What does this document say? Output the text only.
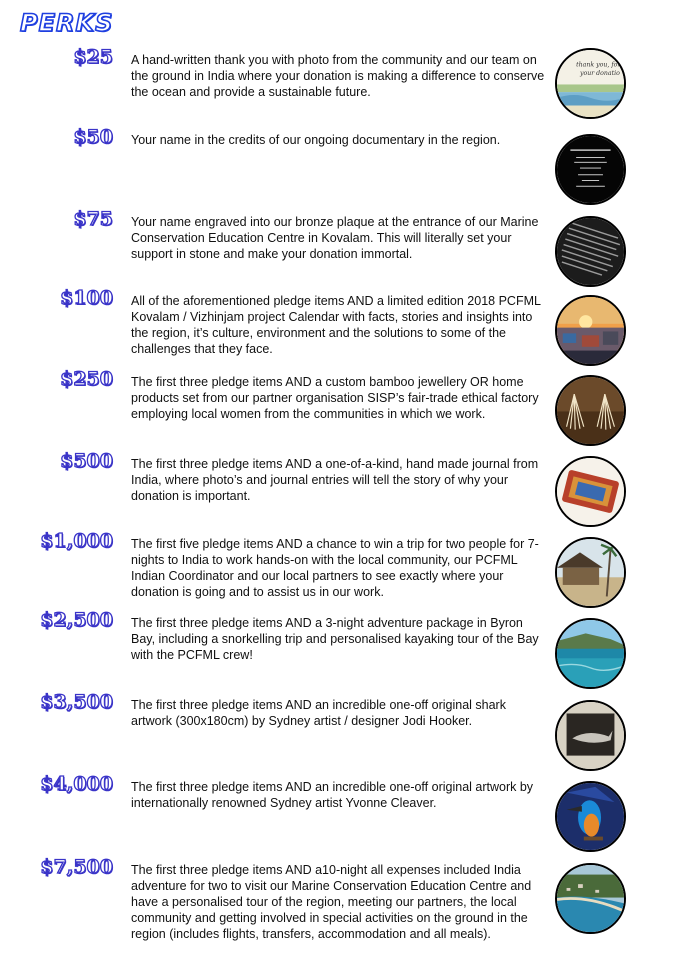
PERKS
$25 A hand-written thank you with photo from the community and our team on the ground in India where your donation is making a difference to conserve the ocean and provide a sustainable future.
thank you, for
your donatio
$50 Your name in the credits of our ongoing documentary in the region.
$75 Your name engraved into our bronze plaque at the entrance of our Marine Conservation Education Centre in Kovalam. This will literally set your support in stone and make your donation immortal.
$100 All of the aforementioned pledge items AND a limited edition 2018 PCFML Kovalam / Vizhinjam project Calendar with facts, stories and insights into the region, it’s culture, environment and the solutions to some of the challenges that they face.
$250 The first three pledge items AND a custom bamboo jewellery OR home products set from our partner organisation SISP’s fair-trade ethical factory employing local women from the communities in which we work.
$500 The first three pledge items AND a one-of-a-kind, hand made journal from India, where photo’s and journal entries will tell the story of why your donation is important.
$1,000 The first five pledge items AND a chance to win a trip for two people for 7-nights to India to work hands-on with the local community, our PCFML Indian Coordinator and our local partners to see exactly where your donation is going and to assist us in our work.
$2,500 The first three pledge items AND a 3-night adventure package in Byron Bay, including a snorkelling trip and personalised kayaking tour of the Bay with the PCFML crew!
$3,500 The first three pledge items AND an incredible one-off original shark artwork (300x180cm) by Sydney artist / designer Jodi Hooker.
$4,000 The first three pledge items AND an incredible one-off original artwork by internationally renowned Sydney artist Yvonne Cleaver.
$7,500 The first three pledge items AND a10-night all expenses included India adventure for two to visit our Marine Conservation Education Centre and have a personalised tour of the region, meeting our partners, the local community and getting involved in special activities on the ground in the region (includes flights, transfers, accommodation and all meals).
